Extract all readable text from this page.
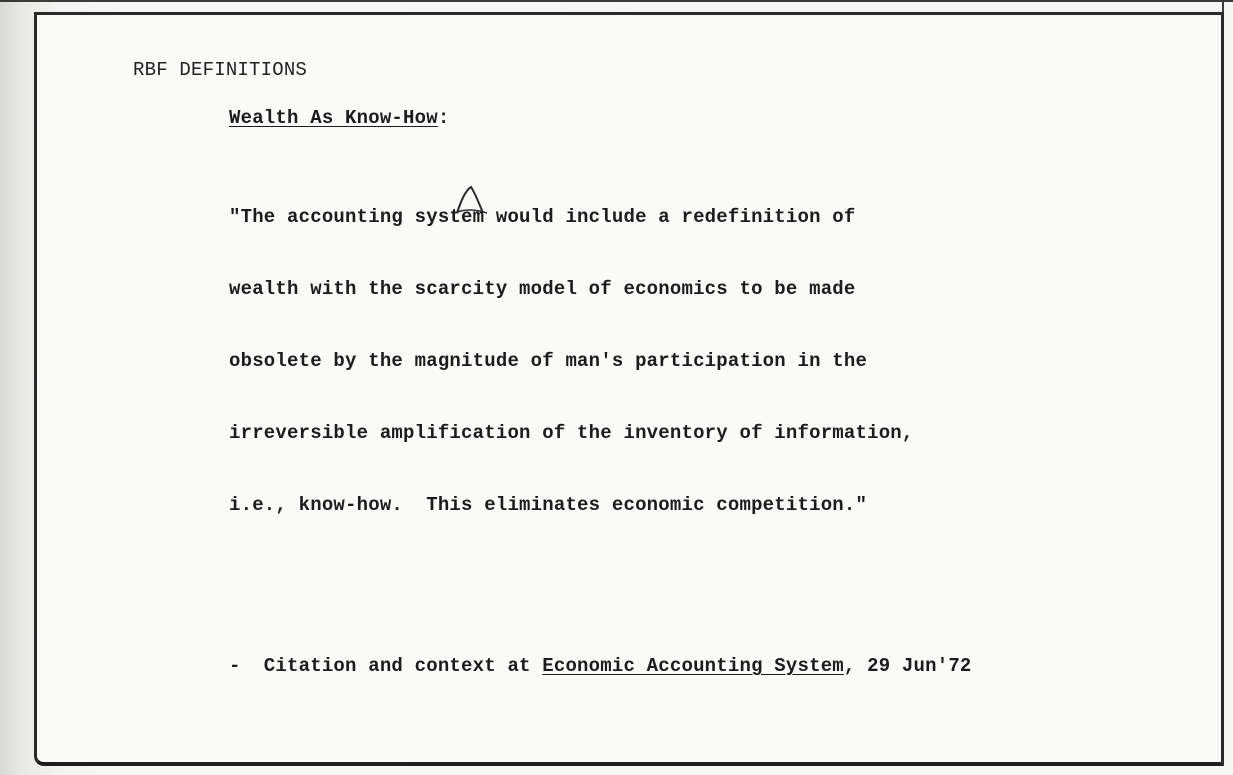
RBF DEFINITIONS
Wealth As Know-How:

"The accounting system would include a redefinition of

wealth with the scarcity model of economics to be made

obsolete by the magnitude of man's participation in the

irreversible amplification of the inventory of information,

i.e., know-how.  This eliminates economic competition."

-  Citation and context at Economic Accounting System, 29 Jun'72
